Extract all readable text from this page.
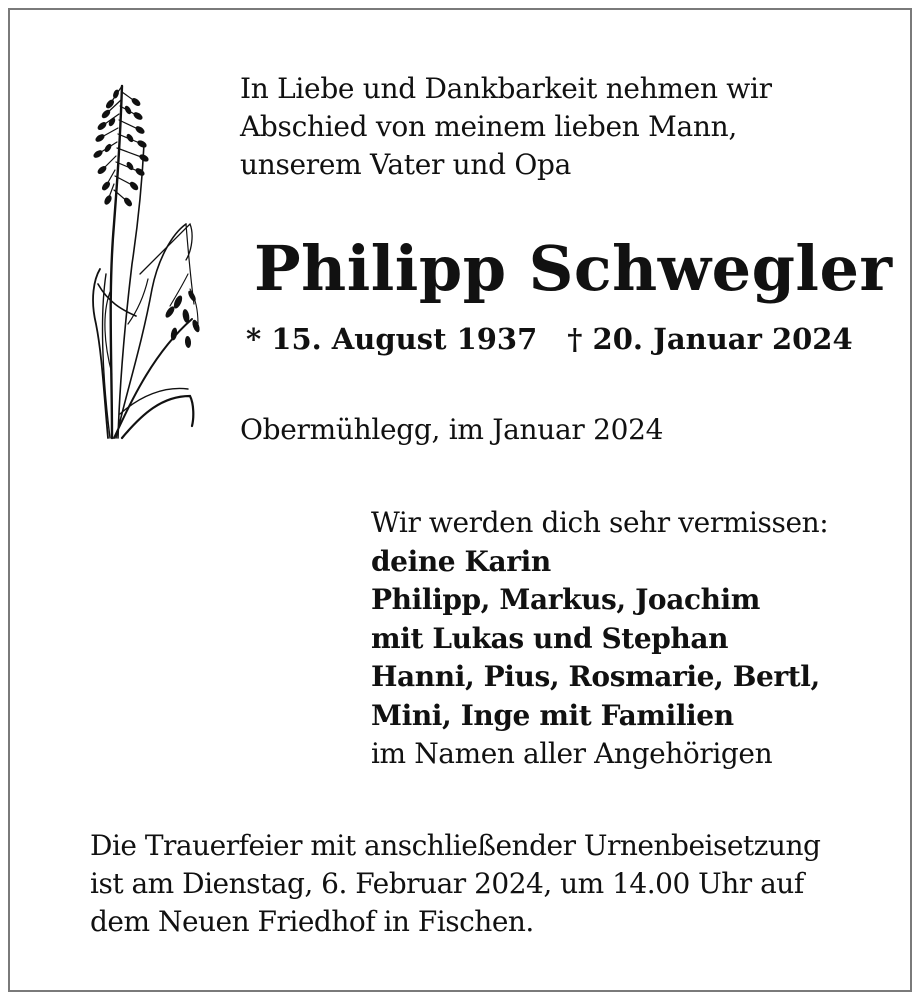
In Liebe und Dankbarkeit nehmen wir
Abschied von meinem lieben Mann,
unserem Vater und Opa
Philipp Schwegler
* 15. August 1937 † 20. Januar 2024
Obermühlegg, im Januar 2024
Wir werden dich sehr vermissen:
deine Karin
Philipp, Markus, Joachim
mit Lukas und Stephan
Hanni, Pius, Rosmarie, Bertl,
Mini, Inge mit Familien
im Namen aller Angehörigen
Die Trauerfeier mit anschließender Urnenbeisetzung
ist am Dienstag, 6. Februar 2024, um 14.00 Uhr auf
dem Neuen Friedhof in Fischen.
